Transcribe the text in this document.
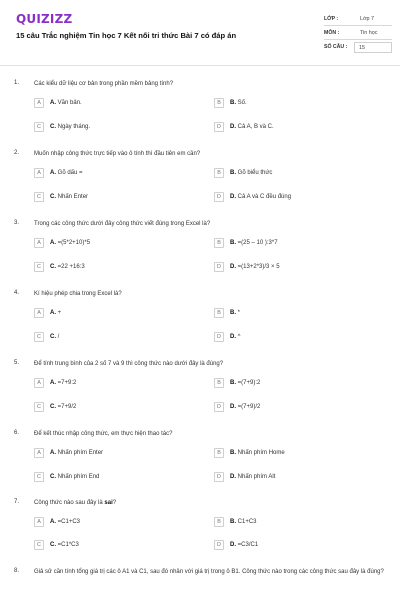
QUIZIZZ
15 câu Trắc nghiệm Tin học 7 Kết nối tri thức Bài 7 có đáp án
LỚP :	Lớp 7
MÔN :	Tin học
SỐ CÂU :	15
1. Các kiểu dữ liệu cơ bản trong phần mềm bảng tính?
A	A. Văn bản.	B	B. Số.
C	C. Ngày tháng.	D	D. Cả A, B và C.
2. Muốn nhập công thức trực tiếp vào ô tính thì đầu tiên em cần?
A	A. Gõ dấu =	B	B. Gõ biểu thức
C	C. Nhấn Enter	D	D. Cả A và C đều đúng
3. Trong các công thức dưới đây công thức viết đúng trong Excel là?
A	A. =(5*2+10)*5	B	B. =(25 – 10 ):3*7
C	C. =22 +16:3	D	D. =(13+2*3)/3 × 5
4. Kí hiệu phép chia trong Excel là?
A	A. +	B	B. *
C	C. /	D	D. ^
5. Để tính trung bình của 2 số 7 và 9 thì công thức nào dưới đây là đúng?
A	A. =7+9:2	B	B. =(7+9):2
C	C. =7+9/2	D	D. =(7+9)/2
6. Để kết thúc nhập công thức, em thực hiện thao tác?
A	A. Nhấn phím Enter	B	B. Nhấn phím Home
C	C. Nhấn phím End	D	D. Nhấn phím Alt
7. Công thức nào sau đây là sai?
A	A. =C1+C3	B	B. C1+C3
C	C. =C1*C3	D	D. =C3/C1
8. Giả sử cần tính tổng giá trị các ô A1 và C1, sau đó nhân với giá trị trong ô B1. Công thức nào trong các công thức sau đây là đúng?
